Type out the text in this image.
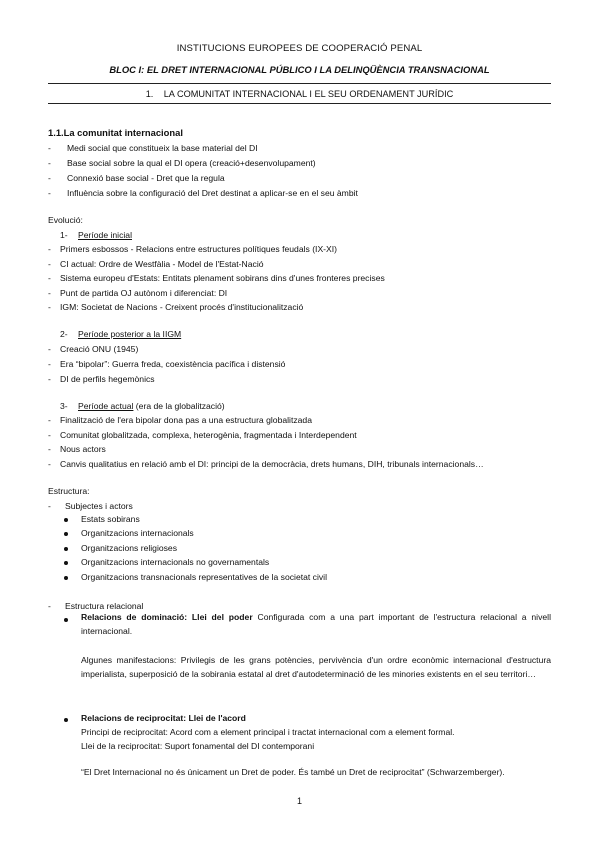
INSTITUCIONS EUROPEES DE COOPERACIÓ PENAL
BLOC I: EL DRET INTERNACIONAL PÚBLICO I LA DELINQÜÈNCIA TRANSNACIONAL
1. LA COMUNITAT INTERNACIONAL I EL SEU ORDENAMENT JURÍDIC
1.1.La comunitat internacional
- Medi social que constitueix la base material del DI
- Base social sobre la qual el DI opera (creació+desenvolupament)
- Connexió base social - Dret que la regula
- Influència sobre la configuració del Dret destinat a aplicar-se en el seu àmbit
Evolució:
1- Període inicial
- Primers esbossos - Relacions entre estructures polítiques feudals (IX-XI)
- CI actual: Ordre de Westfàlia - Model de l'Estat-Nació
- Sistema europeu d'Estats: Entitats plenament sobirans dins d'unes fronteres precises
- Punt de partida OJ autònom i diferenciat: DI
- IGM: Societat de Nacions - Creixent procés d'institucionalització
2- Període posterior a la IIGM
- Creació ONU (1945)
- Era “bipolar”: Guerra freda, coexistència pacífica i distensió
- DI de perfils hegemònics
3- Període actual (era de la globalització)
- Finalització de l'era bipolar dona pas a una estructura globalitzada
- Comunitat globalitzada, complexa, heterogènia, fragmentada i Interdependent
- Nous actors
- Canvis qualitatius en relació amb el DI: principi de la democràcia, drets humans, DIH, tribunals internacionals…
Estructura:
- Subjectes i actors
Estats sobirans
Organitzacions internacionals
Organitzacions religioses
Organitzacions internacionals no governamentals
Organitzacions transnacionals representatives de la societat civil
- Estructura relacional
Relacions de dominació: Llei del poder Configurada com a una part important de l'estructura relacional a nivell internacional.
Algunes manifestacions: Privilegis de les grans potències, pervivència d'un ordre econòmic internacional d'estructura imperialista, superposició de la sobirania estatal al dret d'autodeterminació de les minories existents en el seu territori…
Relacions de reciprocitat: Llei de l'acord
Principi de reciprocitat: Acord com a element principal i tractat internacional com a element formal.
Llei de la reciprocitat: Suport fonamental del DI contemporani
“El Dret Internacional no és únicament un Dret de poder. És també un Dret de reciprocitat” (Schwarzemberger).
1
